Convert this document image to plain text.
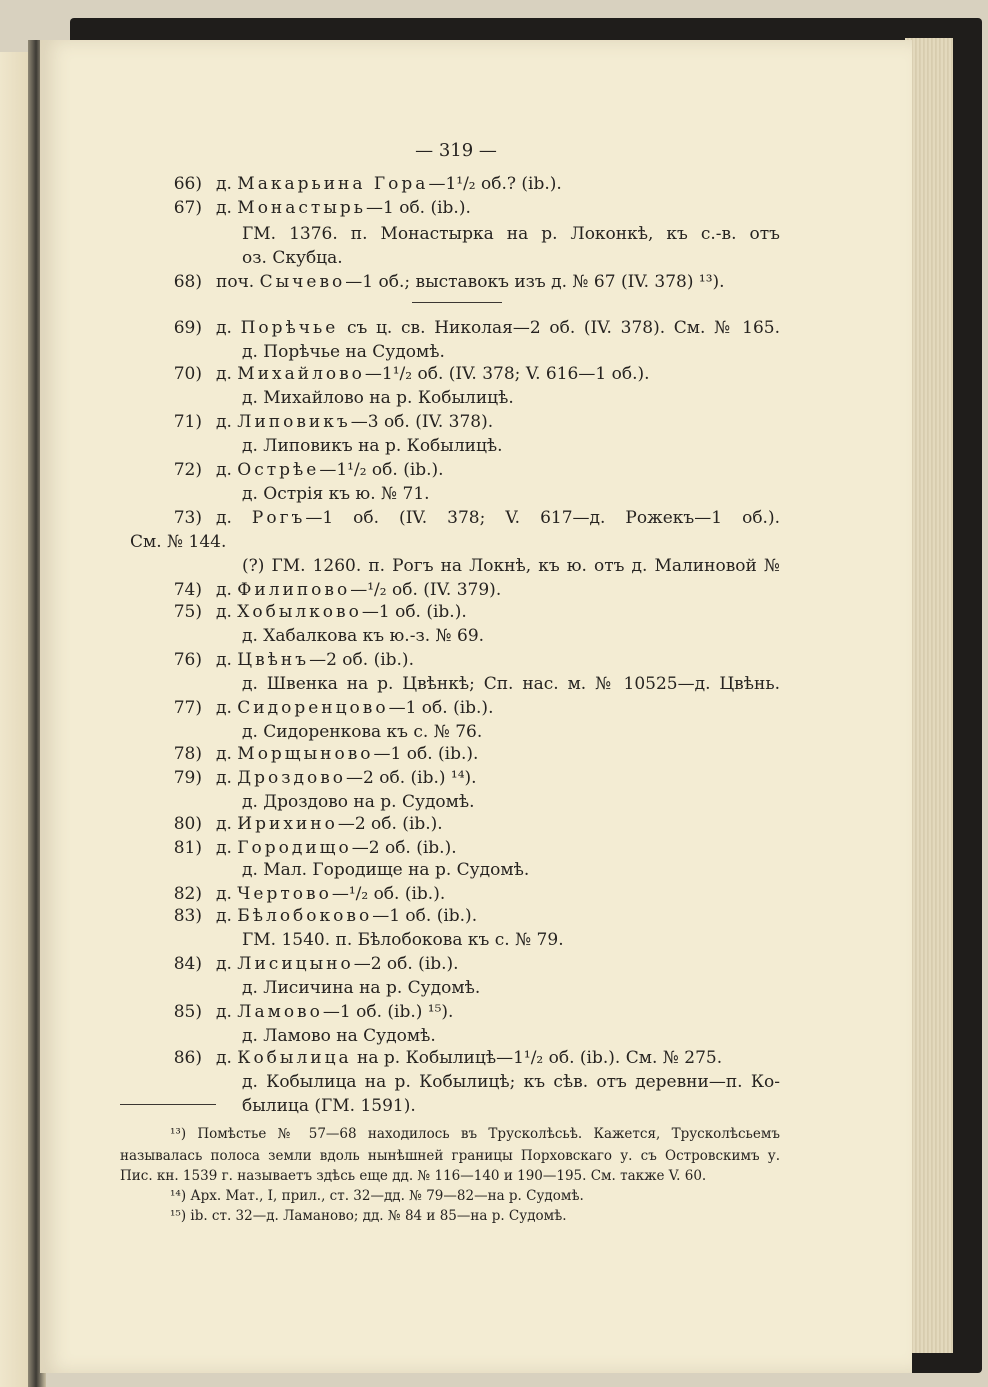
— 319 —
66) д. Макарьина Гора—1¹/₂ об.? (ib.).
67) д. Монастырь—1 об. (ib.).
ГМ. 1376. п. Монастырка на р. Локонкѣ, къ с.-в. отъ
оз. Скубца.
68) поч. Сычево—1 об.; выставокъ изъ д. № 67 (IV. 378) ¹³).
69) д. Порѣчье съ ц. св. Николая—2 об. (IV. 378). См. № 165.
д. Порѣчье на Судомѣ.
70) д. Михайлово—1¹/₂ об. (IV. 378; V. 616—1 об.).
д. Михайлово на р. Кобылицѣ.
71) д. Липовикъ—3 об. (IV. 378).
д. Липовикъ на р. Кобылицѣ.
72) д. Острѣе—1¹/₂ об. (ib.).
д. Острія къ ю. № 71.
73) д. Рогъ—1 об. (IV. 378; V. 617—д. Рожекъ—1 об.).
См. № 144.
(?) ГМ. 1260. п. Рогъ на Локнѣ, къ ю. отъ д. Малиновой №
74) д. Филипово—¹/₂ об. (IV. 379).
75) д. Хобылково—1 об. (ib.).
д. Хабалкова къ ю.-з. № 69.
76) д. Цвѣнъ—2 об. (ib.).
д. Швенка на р. Цвѣнкѣ; Сп. нас. м. № 10525—д. Цвѣнь.
77) д. Сидоренцово—1 об. (ib.).
д. Сидоренкова къ с. № 76.
78) д. Морщыново—1 об. (ib.).
79) д. Дроздово—2 об. (ib.) ¹⁴).
д. Дроздово на р. Судомѣ.
80) д. Ирихино—2 об. (ib.).
81) д. Городищо—2 об. (ib.).
д. Мал. Городище на р. Судомѣ.
82) д. Чертово—¹/₂ об. (ib.).
83) д. Бѣлобоково—1 об. (ib.).
ГМ. 1540. п. Бѣлобокова къ с. № 79.
84) д. Лисицыно—2 об. (ib.).
д. Лисичина на р. Судомѣ.
85) д. Ламово—1 об. (ib.) ¹⁵).
д. Ламово на Судомѣ.
86) д. Кобылица на р. Кобылицѣ—1¹/₂ об. (ib.). См. № 275.
д. Кобылица на р. Кобылицѣ; къ сѣв. отъ деревни—п. Ко-
былица (ГМ. 1591).
¹³) Помѣстье № 57—68 находилось въ Трусколѣсьѣ. Кажется, Трусколѣсьемъ
называлась полоса земли вдоль нынѣшней границы Порховскаго у. съ Островскимъ у.
Пис. кн. 1539 г. называетъ здѣсь еще дд. № 116—140 и 190—195. См. также V. 60.
¹⁴) Арх. Мат., I, прил., ст. 32—дд. № 79—82—на р. Судомѣ.
¹⁵) ib. ст. 32—д. Ламаново; дд. № 84 и 85—на р. Судомѣ.
